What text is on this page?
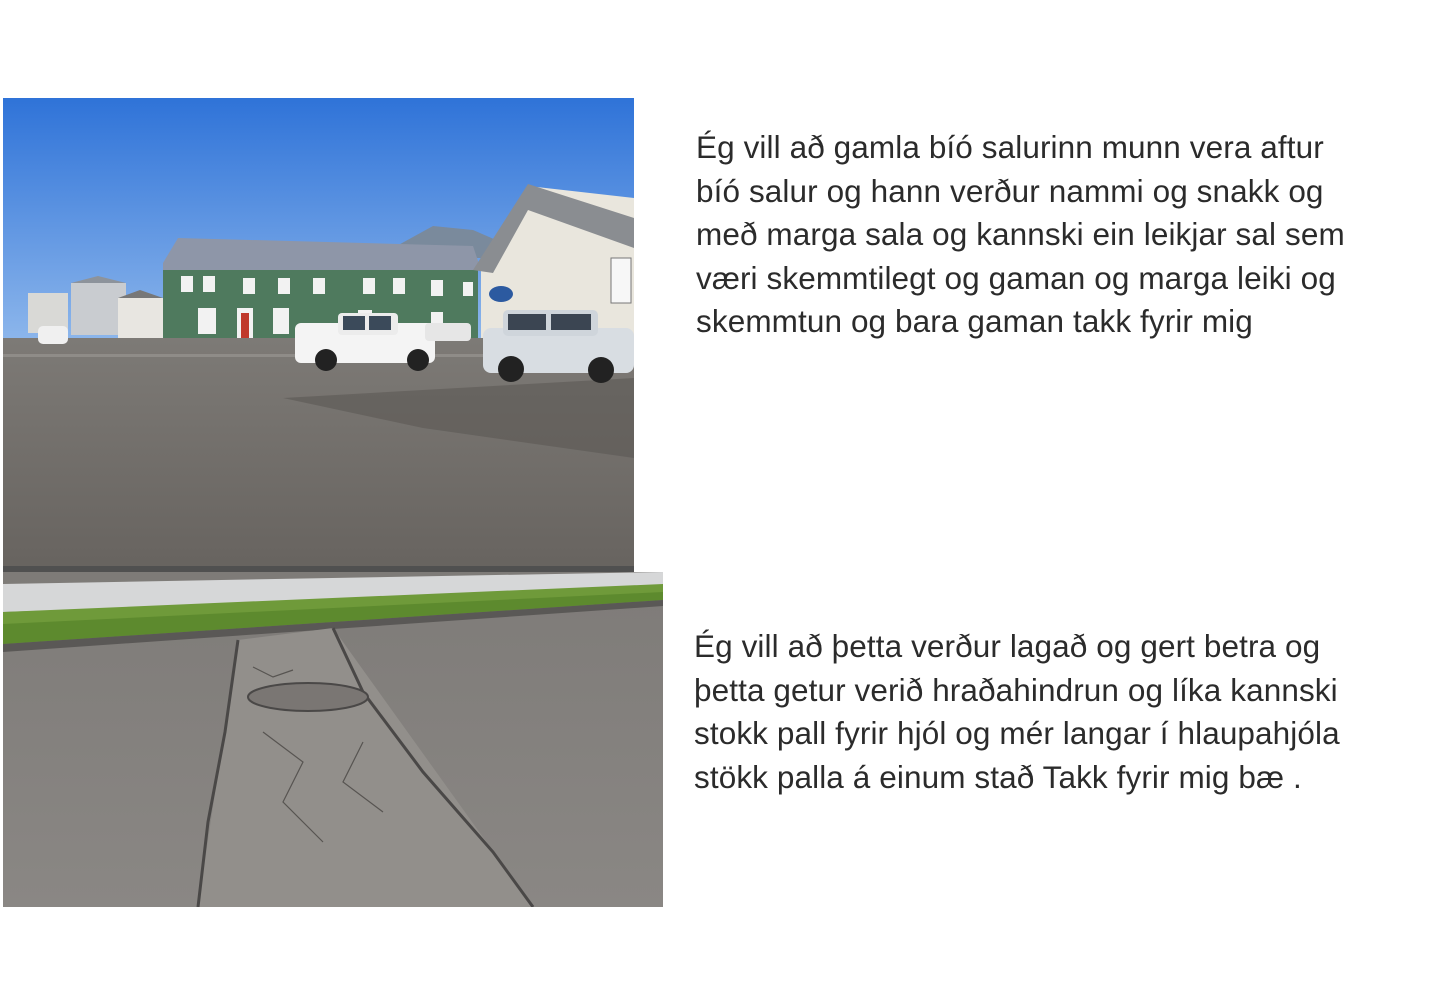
Ég vill að gamla bíó salurinn munn vera aftur
bíó salur og hann verður nammi og snakk og
með marga sala og kannski ein leikjar sal sem
væri skemmtilegt og gaman og marga leiki og
skemmtun og bara gaman takk fyrir mig

Ég vill að þetta verður lagað og gert betra og
þetta getur verið hraðahindrun og líka kannski
stokk pall fyrir hjól og mér langar í hlaupahjóla
stökk palla á einum stað Takk fyrir mig bæ .
